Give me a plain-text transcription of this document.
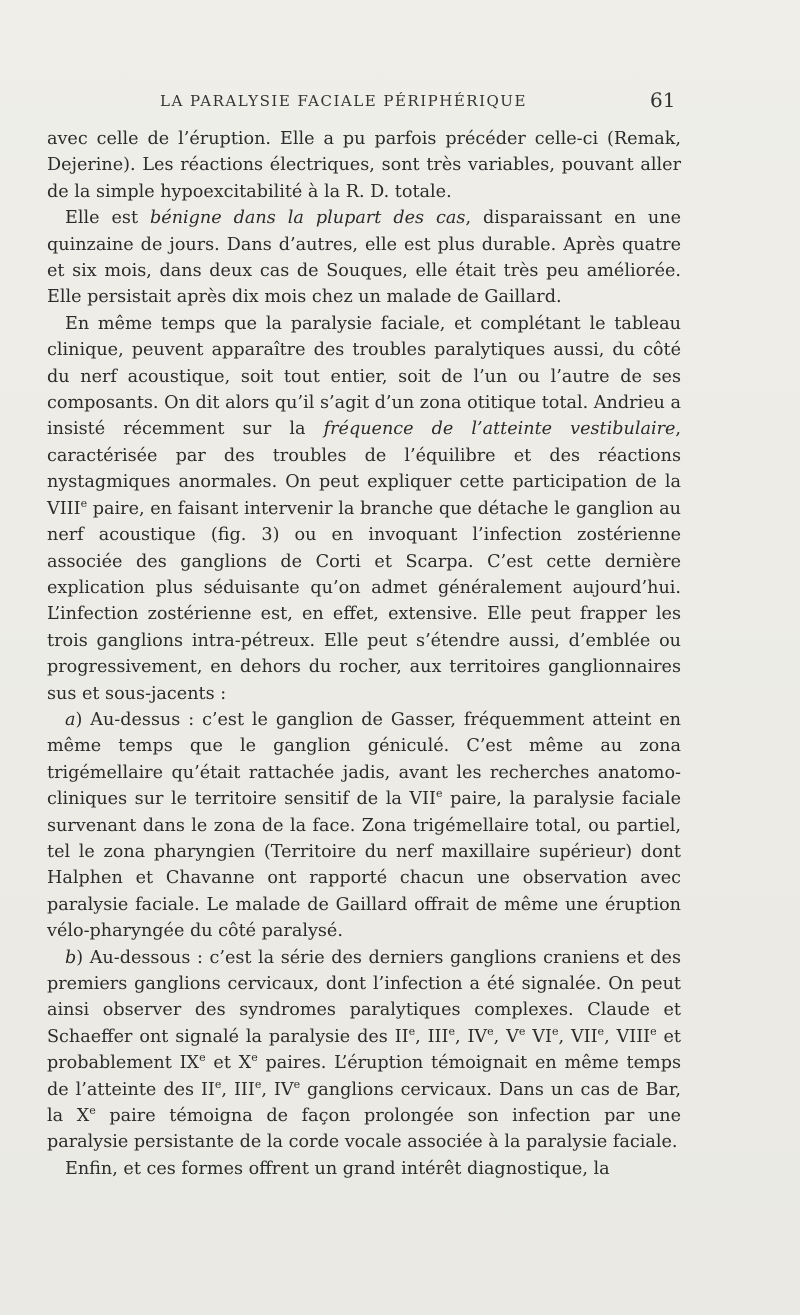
LA PARALYSIE FACIALE PÉRIPHÉRIQUE	61

avec celle de l’éruption. Elle a pu parfois précéder celle-ci (Remak, Dejerine). Les réactions électriques, sont très variables, pouvant aller de la simple hypoexcitabilité à la R. D. totale.

Elle est bénigne dans la plupart des cas, disparaissant en une quinzaine de jours. Dans d’autres, elle est plus durable. Après quatre et six mois, dans deux cas de Souques, elle était très peu améliorée. Elle persistait après dix mois chez un malade de Gaillard.

En même temps que la paralysie faciale, et complétant le tableau clinique, peuvent apparaître des troubles paralytiques aussi, du côté du nerf acoustique, soit tout entier, soit de l’un ou l’autre de ses composants. On dit alors qu’il s’agit d’un zona otitique total. Andrieu a insisté récemment sur la fréquence de l’atteinte vestibulaire, caractérisée par des troubles de l’équilibre et des réactions nystagmiques anormales. On peut expliquer cette participation de la VIIIe paire, en faisant intervenir la branche que détache le ganglion au nerf acoustique (fig. 3) ou en invoquant l’infection zostérienne associée des ganglions de Corti et Scarpa. C’est cette dernière explication plus séduisante qu’on admet généralement aujourd’hui. L’infection zostérienne est, en effet, extensive. Elle peut frapper les trois ganglions intra-pétreux. Elle peut s’étendre aussi, d’emblée ou progressivement, en dehors du rocher, aux territoires ganglionnaires sus et sous-jacents :

a) Au-dessus : c’est le ganglion de Gasser, fréquemment atteint en même temps que le ganglion géniculé. C’est même au zona trigémellaire qu’était rattachée jadis, avant les recherches anatomo-cliniques sur le territoire sensitif de la VIIe paire, la paralysie faciale survenant dans le zona de la face. Zona trigémellaire total, ou partiel, tel le zona pharyngien (Territoire du nerf maxillaire supérieur) dont Halphen et Chavanne ont rapporté chacun une observation avec paralysie faciale. Le malade de Gaillard offrait de même une éruption vélo-pharyngée du côté paralysé.

b) Au-dessous : c’est la série des derniers ganglions craniens et des premiers ganglions cervicaux, dont l’infection a été signalée. On peut ainsi observer des syndromes paralytiques complexes. Claude et Schaeffer ont signalé la paralysie des IIe, IIIe, IVe, Ve VIe, VIIe, VIIIe et probablement IXe et Xe paires. L’éruption témoignait en même temps de l’atteinte des IIe, IIIe, IVe ganglions cervicaux. Dans un cas de Bar, la Xe paire témoigna de façon prolongée son infection par une paralysie persistante de la corde vocale associée à la paralysie faciale.

Enfin, et ces formes offrent un grand intérêt diagnostique, la
